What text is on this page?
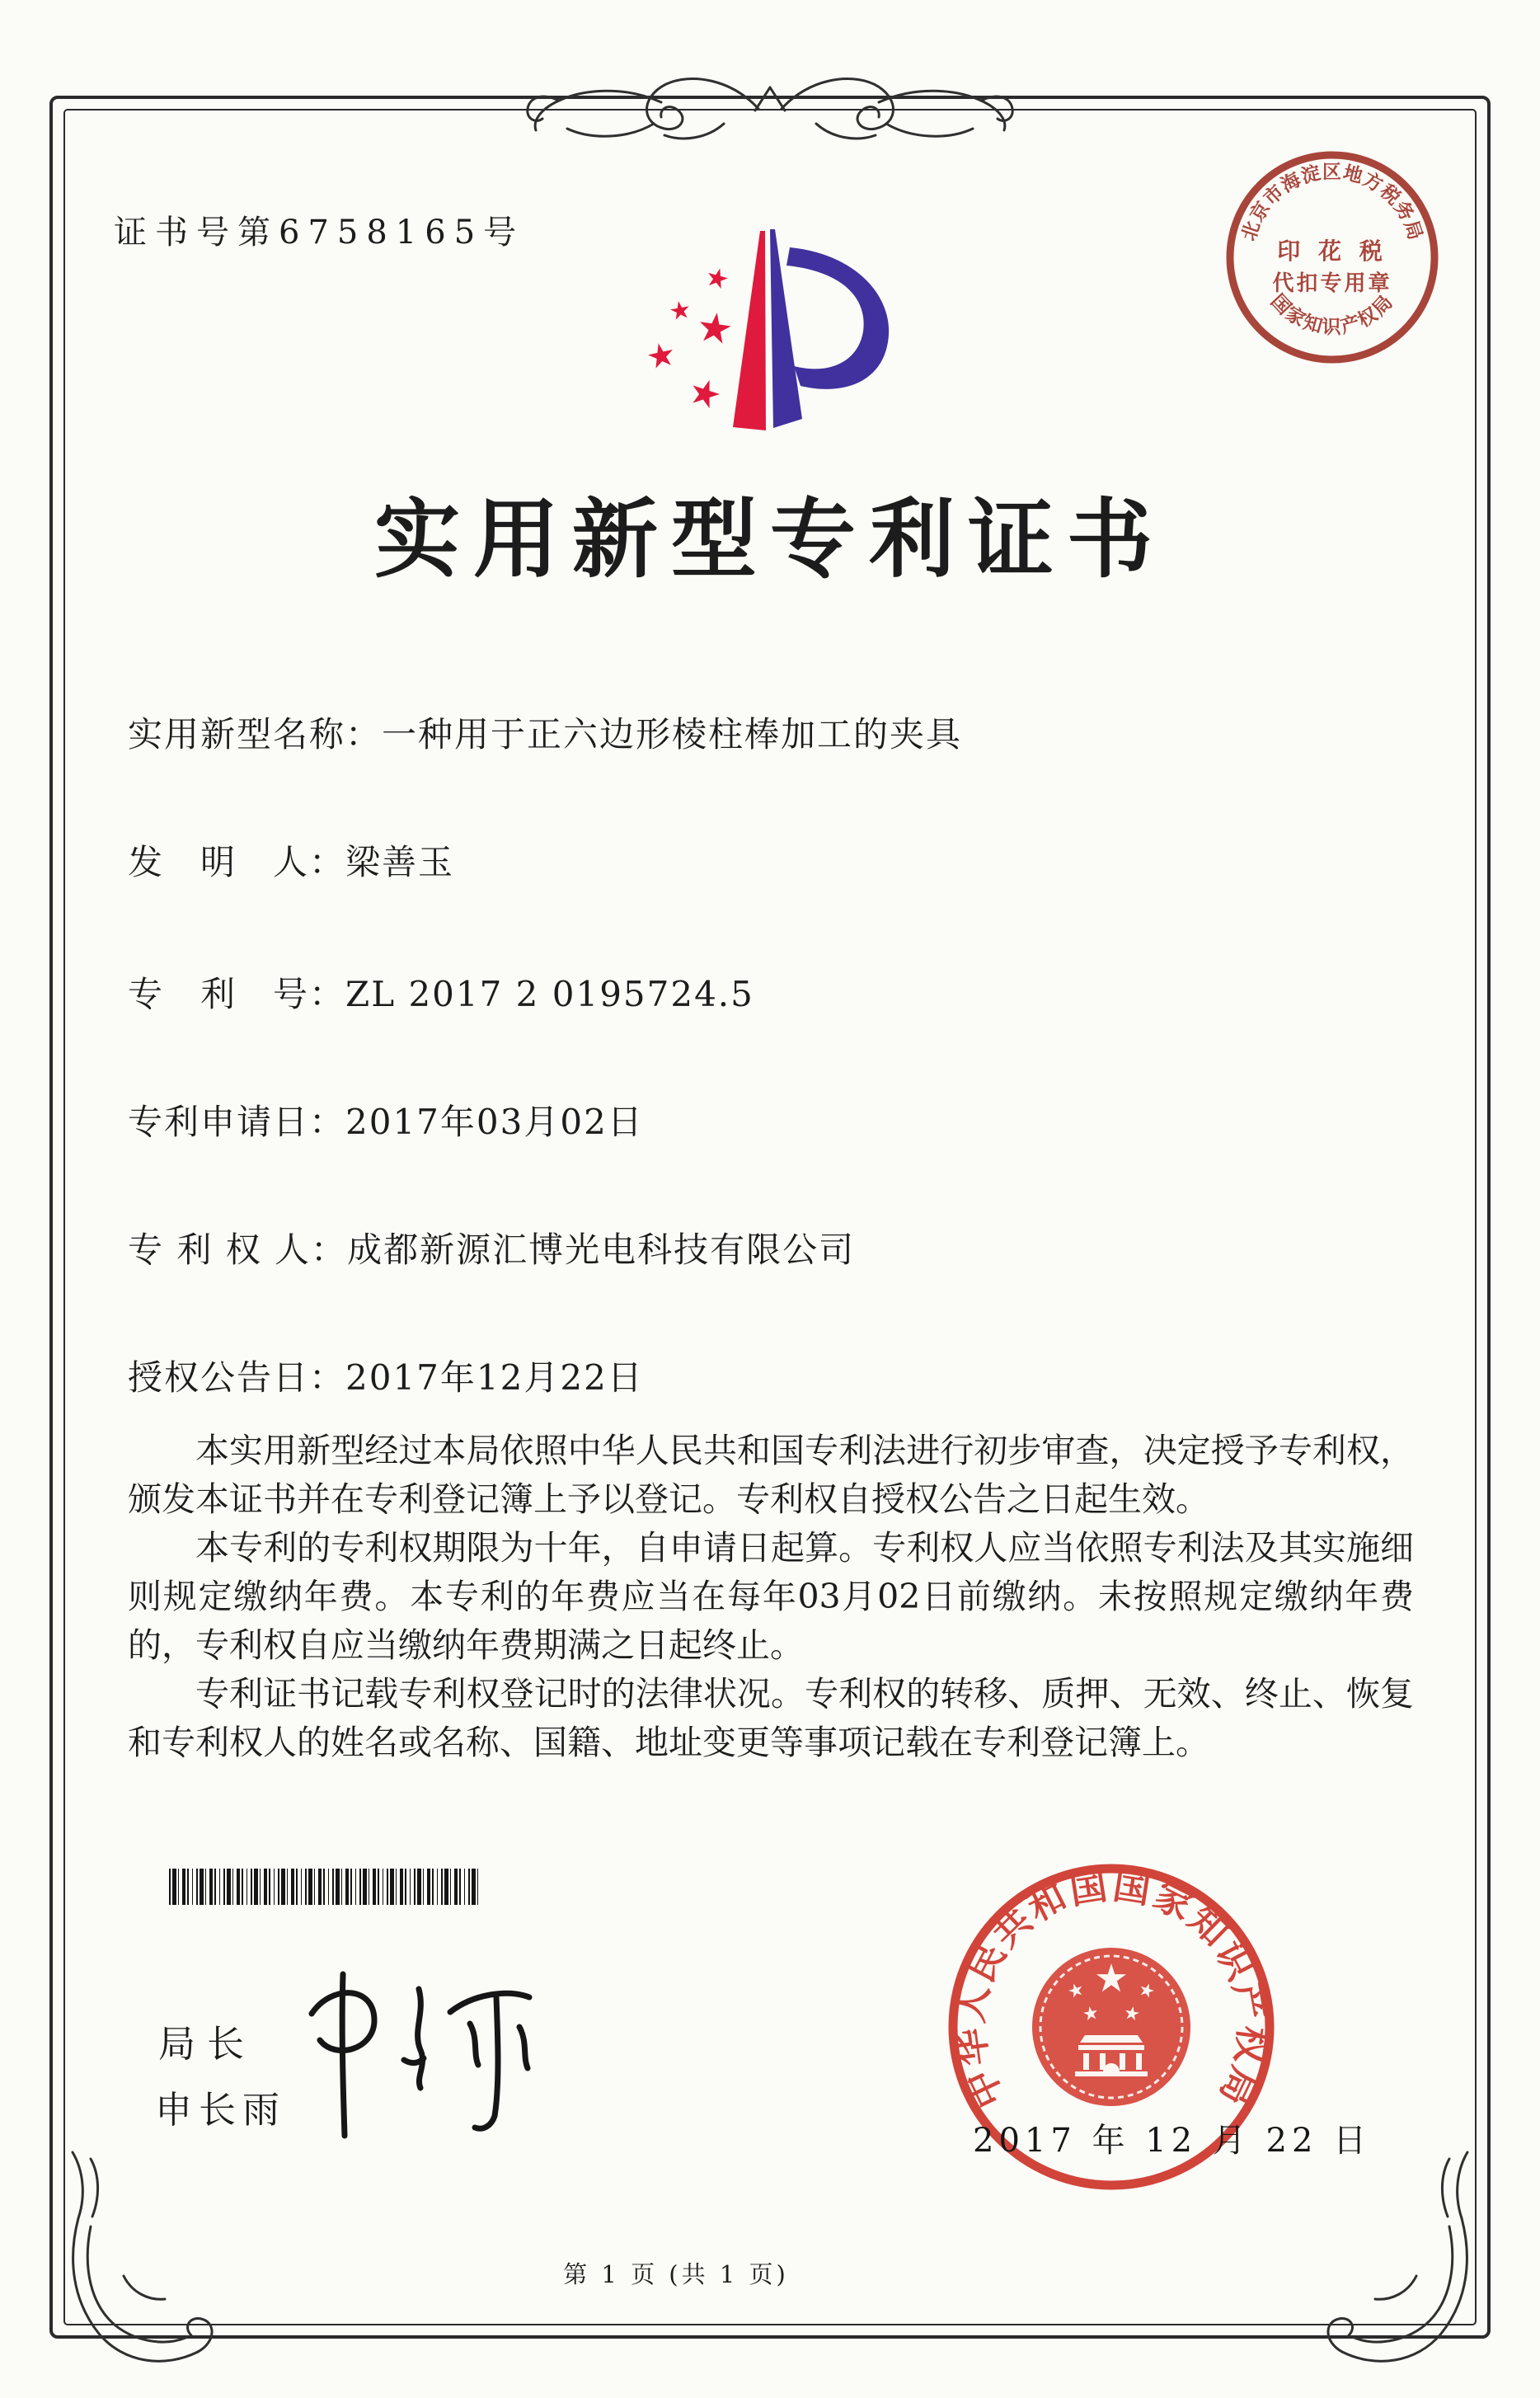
证书号第6758165号	北京市海淀区地方税务局
国家知识产权局
印 花 税
代扣专用章
实用新型专利证书
实用新型名称：一种用于正六边形棱柱棒加工的夹具
发　明　人：梁善玉
专　利　号：ZL 2017 2 0195724.5
专利申请日：2017年03月02日
专 利 权 人：成都新源汇博光电科技有限公司
授权公告日：2017年12月22日

本实用新型经过本局依照中华人民共和国专利法进行初步审查，决定授予专利权，颁发本证书并在专利登记簿上予以登记。专利权自授权公告之日起生效。

本专利的专利权期限为十年，自申请日起算。专利权人应当依照专利法及其实施细则规定缴纳年费。本专利的年费应当在每年03月02日前缴纳。未按照规定缴纳年费的，专利权自应当缴纳年费期满之日起终止。

专利证书记载专利权登记时的法律状况。专利权的转移、质押、无效、终止、恢复和专利权人的姓名或名称、国籍、地址变更等事项记载在专利登记簿上。

局长
申长雨	中华人民共和国国家知识产权局
2017 年 12 月 22 日
第 1 页 (共 1 页)
